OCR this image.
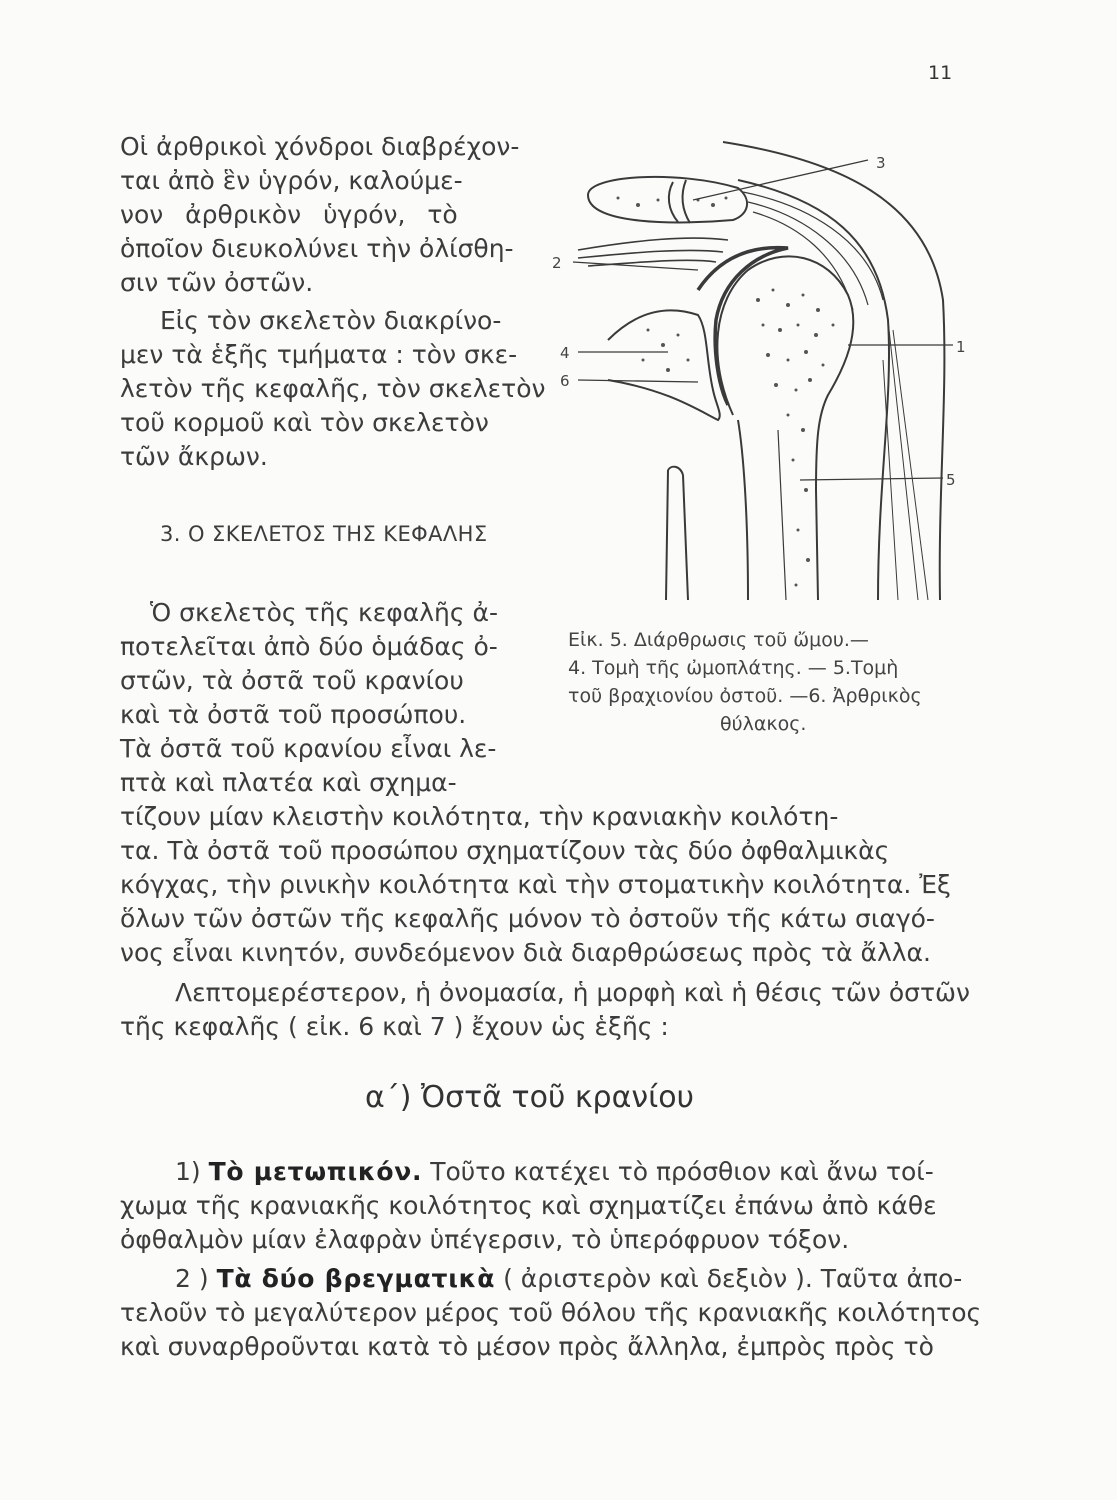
11
Οἱ ἀρθρικοὶ χόνδροι διαβρέχον-
ται ἀπὸ ἓν ὑγρόν, καλούμε-
νον ἀρθρικὸν ὑγρόν, τὸ
ὁποῖον διευκολύνει τὴν ὀλίσθη-
σιν τῶν ὀστῶν.
Εἰς τὸν σκελετὸν διακρίνο-
μεν τὰ ἑξῆς τμήματα : τὸν σκε-
λετὸν τῆς κεφαλῆς, τὸν σκελετὸν
τοῦ κορμοῦ καὶ τὸν σκελετὸν
τῶν ἄκρων.
3. Ο ΣΚΕΛΕΤΟΣ ΤΗΣ ΚΕΦΑΛΗΣ
Ὁ σκελετὸς τῆς κεφαλῆς ἀ-
ποτελεῖται ἀπὸ δύο ὁμάδας ὀ-
στῶν, τὰ ὀστᾶ τοῦ κρανίου
καὶ τὰ ὀστᾶ τοῦ προσώπου.
Τὰ ὀστᾶ τοῦ κρανίου εἶναι λε-
πτὰ καὶ πλατέα καὶ σχημα-
τίζουν μίαν κλειστὴν κοιλότητα, τὴν κρανιακὴν κοιλότη-
τα. Τὰ ὀστᾶ τοῦ προσώπου σχηματίζουν τὰς δύο ὀφθαλμικὰς
κόγχας, τὴν ρινικὴν κοιλότητα καὶ τὴν στοματικὴν κοιλότητα. Ἐξ
ὅλων τῶν ὀστῶν τῆς κεφαλῆς μόνον τὸ ὀστοῦν τῆς κάτω σιαγό-
νος εἶναι κινητόν, συνδεόμενον διὰ διαρθρώσεως πρὸς τὰ ἄλλα.
Λεπτομερέστερον, ἡ ὀνομασία, ἡ μορφὴ καὶ ἡ θέσις τῶν ὀστῶν
τῆς κεφαλῆς ( εἰκ. 6 καὶ 7 ) ἔχουν ὡς ἑξῆς :
α΄) Ὀστᾶ τοῦ κρανίου
1) Τὸ μετωπικόν. Τοῦτο κατέχει τὸ πρόσθιον καὶ ἄνω τοί-
χωμα τῆς κρανιακῆς κοιλότητος καὶ σχηματίζει ἐπάνω ἀπὸ κάθε
ὀφθαλμὸν μίαν ἐλαφρὰν ὑπέγερσιν, τὸ ὑπερόφρυον τόξον.
2 ) Τὰ δύο βρεγματικὰ ( ἀριστερὸν καὶ δεξιὸν ). Ταῦτα ἀπο-
τελοῦν τὸ μεγαλύτερον μέρος τοῦ θόλου τῆς κρανιακῆς κοιλότητος
καὶ συναρθροῦνται κατὰ τὸ μέσον πρὸς ἄλληλα, ἐμπρὸς πρὸς τὸ
3
2
1
4
6
5
Εἰκ. 5. Διάρθρωσις τοῦ ὤμου.—
4. Τομὴ τῆς ὠμοπλάτης. — 5.Τομὴ
τοῦ βραχιονίου ὀστοῦ. —6. Ἀρθρικὸς
θύλακος.
